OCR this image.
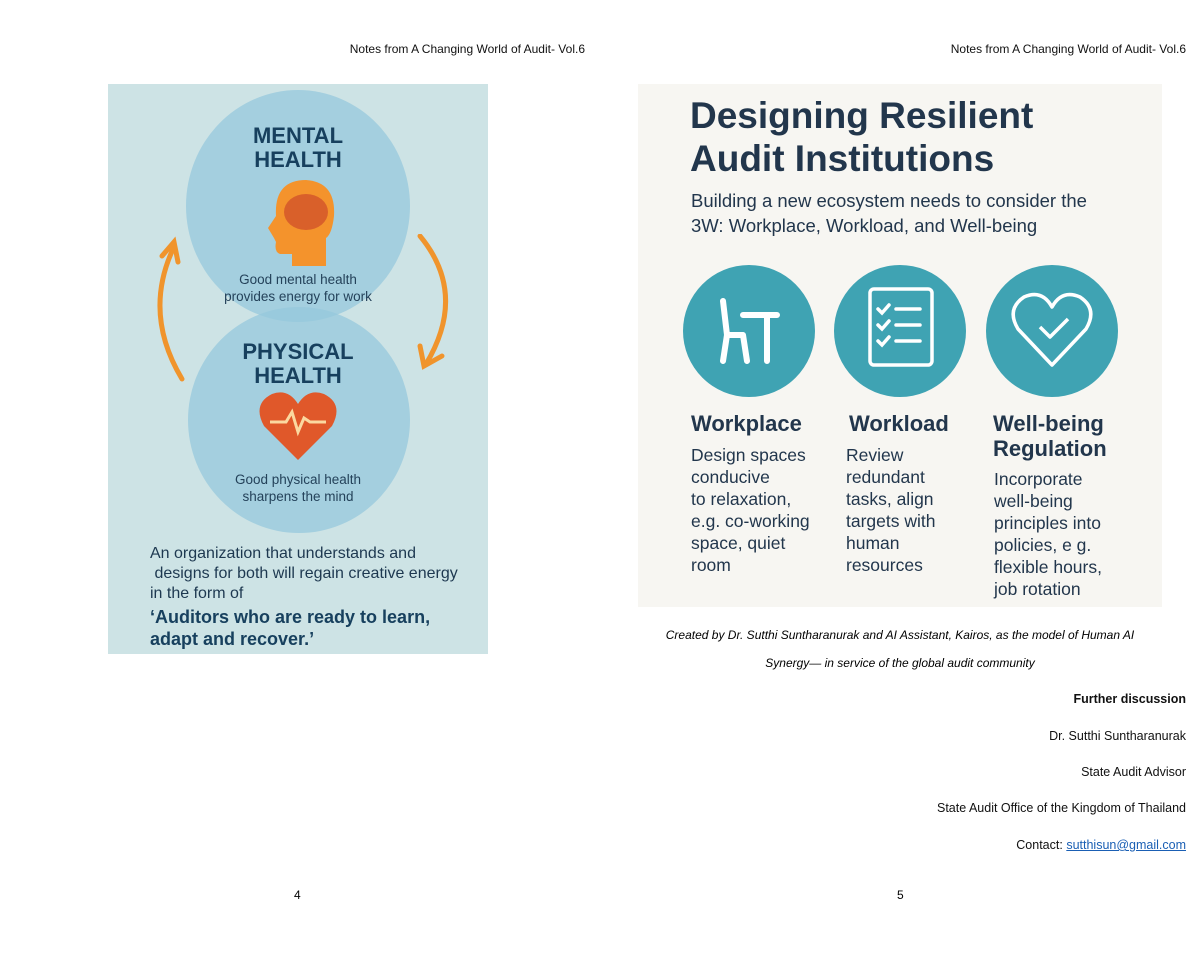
Notes from A Changing World of Audit- Vol.6	Notes from A Changing World of Audit- Vol.6
MENTAL
HEALTH
Good mental health
provides energy for work
PHYSICAL
HEALTH
Good physical health
sharpens the mind
An organization that understands and
designs for both will regain creative energy
in the form of
‘Auditors who are ready to learn,
adapt and recover.’
Designing Resilient
Audit Institutions
Building a new ecosystem needs to consider the
3W: Workplace, Workload, and Well-being
Workplace
Design spaces
conducive
to relaxation,
e.g. co-working
space, quiet
room
Workload
Review
redundant
tasks, align
targets with
human
resources
Well-being
Regulation
Incorporate
well-being
principles into
policies, e g.
flexible hours,
job rotation
Created by Dr. Sutthi Suntharanurak and AI Assistant, Kairos, as the model of Human AI
Synergy— in service of the global audit community
Further discussion
Dr. Sutthi Suntharanurak
State Audit Advisor
State Audit Office of the Kingdom of Thailand
Contact: sutthisun@gmail.com
4	5
